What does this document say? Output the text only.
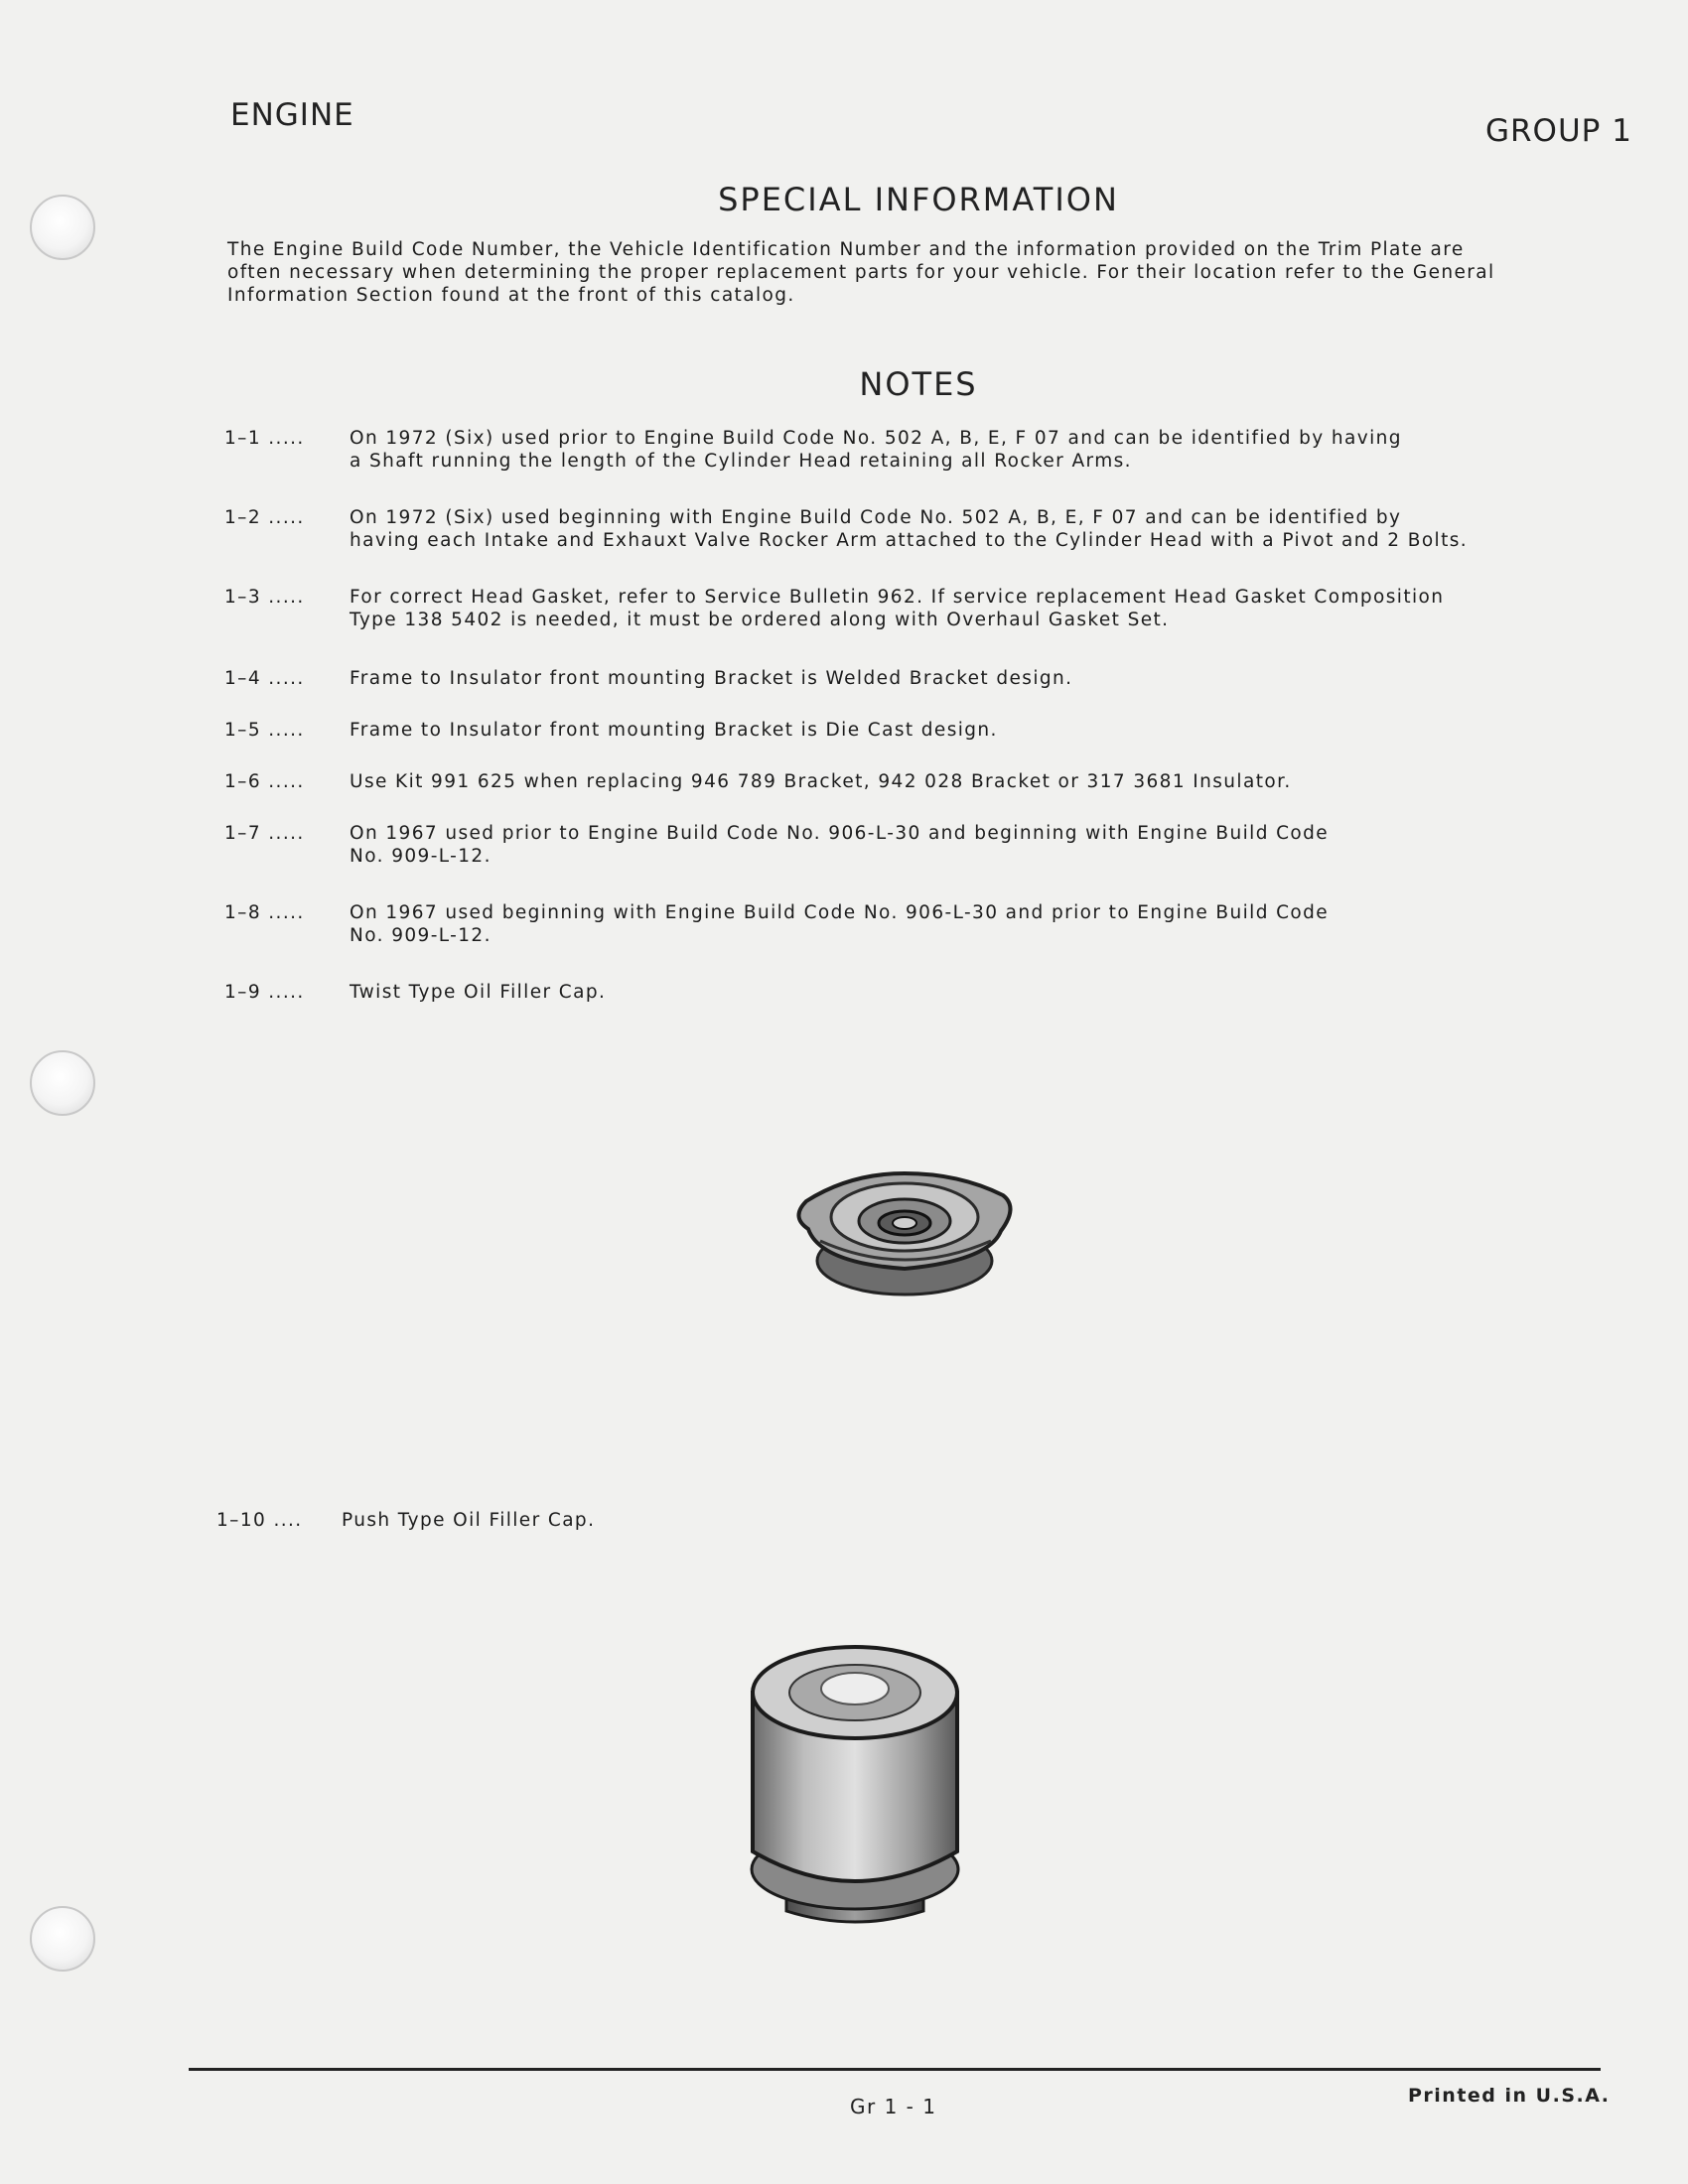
ENGINE	GROUP 1
SPECIAL INFORMATION
The Engine Build Code Number, the Vehicle Identification Number and the information provided on the Trim Plate are
often necessary when determining the proper replacement parts for your vehicle. For their location refer to the General
Information Section found at the front of this catalog.
NOTES
1–1 .....	On 1972 (Six) used prior to Engine Build Code No. 502 A, B, E, F 07 and can be identified by having
a Shaft running the length of the Cylinder Head retaining all Rocker Arms.
1–2 .....	On 1972 (Six) used beginning with Engine Build Code No. 502 A, B, E, F 07 and can be identified by
having each Intake and Exhauxt Valve Rocker Arm attached to the Cylinder Head with a Pivot and 2 Bolts.
1–3 .....	For correct Head Gasket, refer to Service Bulletin 962. If service replacement Head Gasket Composition
Type 138 5402 is needed, it must be ordered along with Overhaul Gasket Set.
1–4 .....	Frame to Insulator front mounting Bracket is Welded Bracket design.
1–5 .....	Frame to Insulator front mounting Bracket is Die Cast design.
1–6 .....	Use Kit 991 625 when replacing 946 789 Bracket, 942 028 Bracket or 317 3681 Insulator.
1–7 .....	On 1967 used prior to Engine Build Code No. 906-L-30 and beginning with Engine Build Code
No. 909-L-12.
1–8 .....	On 1967 used beginning with Engine Build Code No. 906-L-30 and prior to Engine Build Code
No. 909-L-12.
1–9 .....	Twist Type Oil Filler Cap.
1–10 ....	Push Type Oil Filler Cap.
Gr 1 - 1	Printed in U.S.A.
